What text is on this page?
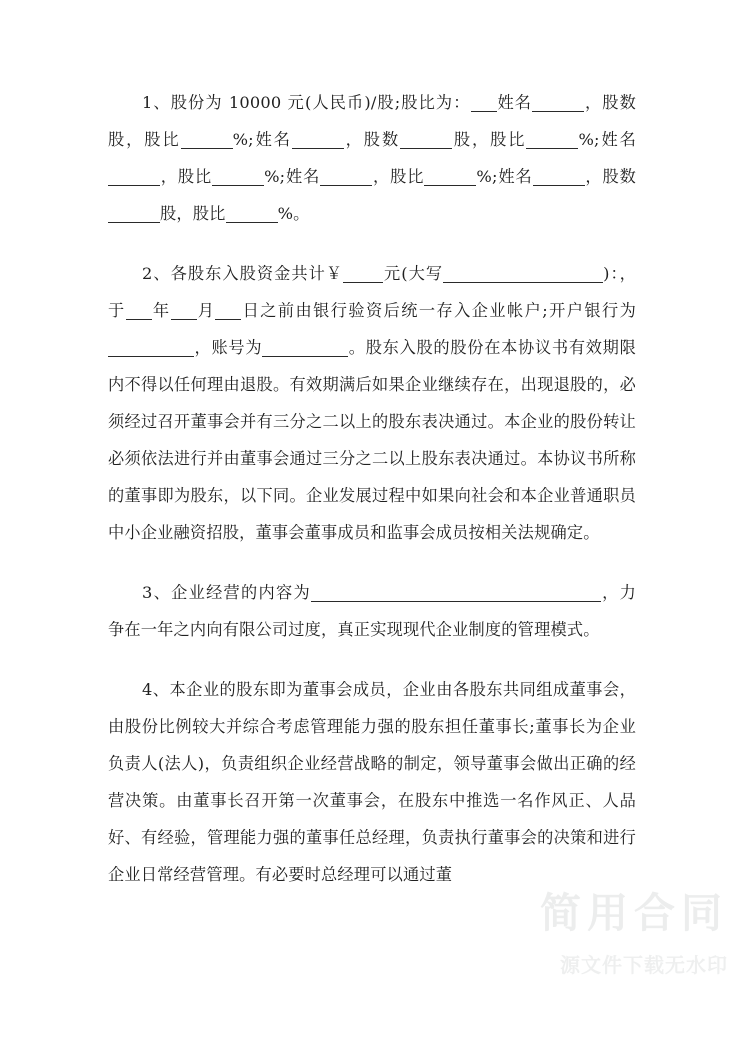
1、股份为 10000 元(人民币)/股;股比为： 姓名	，股数 股，股比	%;姓名	，股数	股，股比	%;姓名，股比	%;姓名	，股比	%;姓名	，股数股，股比	%。

2、各股东入股资金共计￥ 元(大写	)：，于 年 月 日之前由银行验资后统一存入企业帐户;开户银行为，账号为	。股东入股的股份在本协议书有效期限内不得以任何理由退股。有效期满后如果企业继续存在，出现退股的，必须经过召开董事会并有三分之二以上的股东表决通过。本企业的股份转让必须依法进行并由董事会通过三分之二以上股东表决通过。本协议书所称的董事即为股东，以下同。企业发展过程中如果向社会和本企业普通职员中小企业融资招股，董事会董事成员和监事会成员按相关法规确定。

3、企业经营的内容为	，力争在一年之内向有限公司过度，真正实现现代企业制度的管理模式。

4、本企业的股东即为董事会成员，企业由各股东共同组成董事会，由股份比例较大并综合考虑管理能力强的股东担任董事长;董事长为企业负责人(法人)，负责组织企业经营战略的制定，领导董事会做出正确的经营决策。由董事长召开第一次董事会，在股东中推选一名作风正、人品好、有经验，管理能力强的董事任总经理，负责执行董事会的决策和进行企业日常经营管理。有必要时总经理可以通过董

简用合同
源文件下载无水印
